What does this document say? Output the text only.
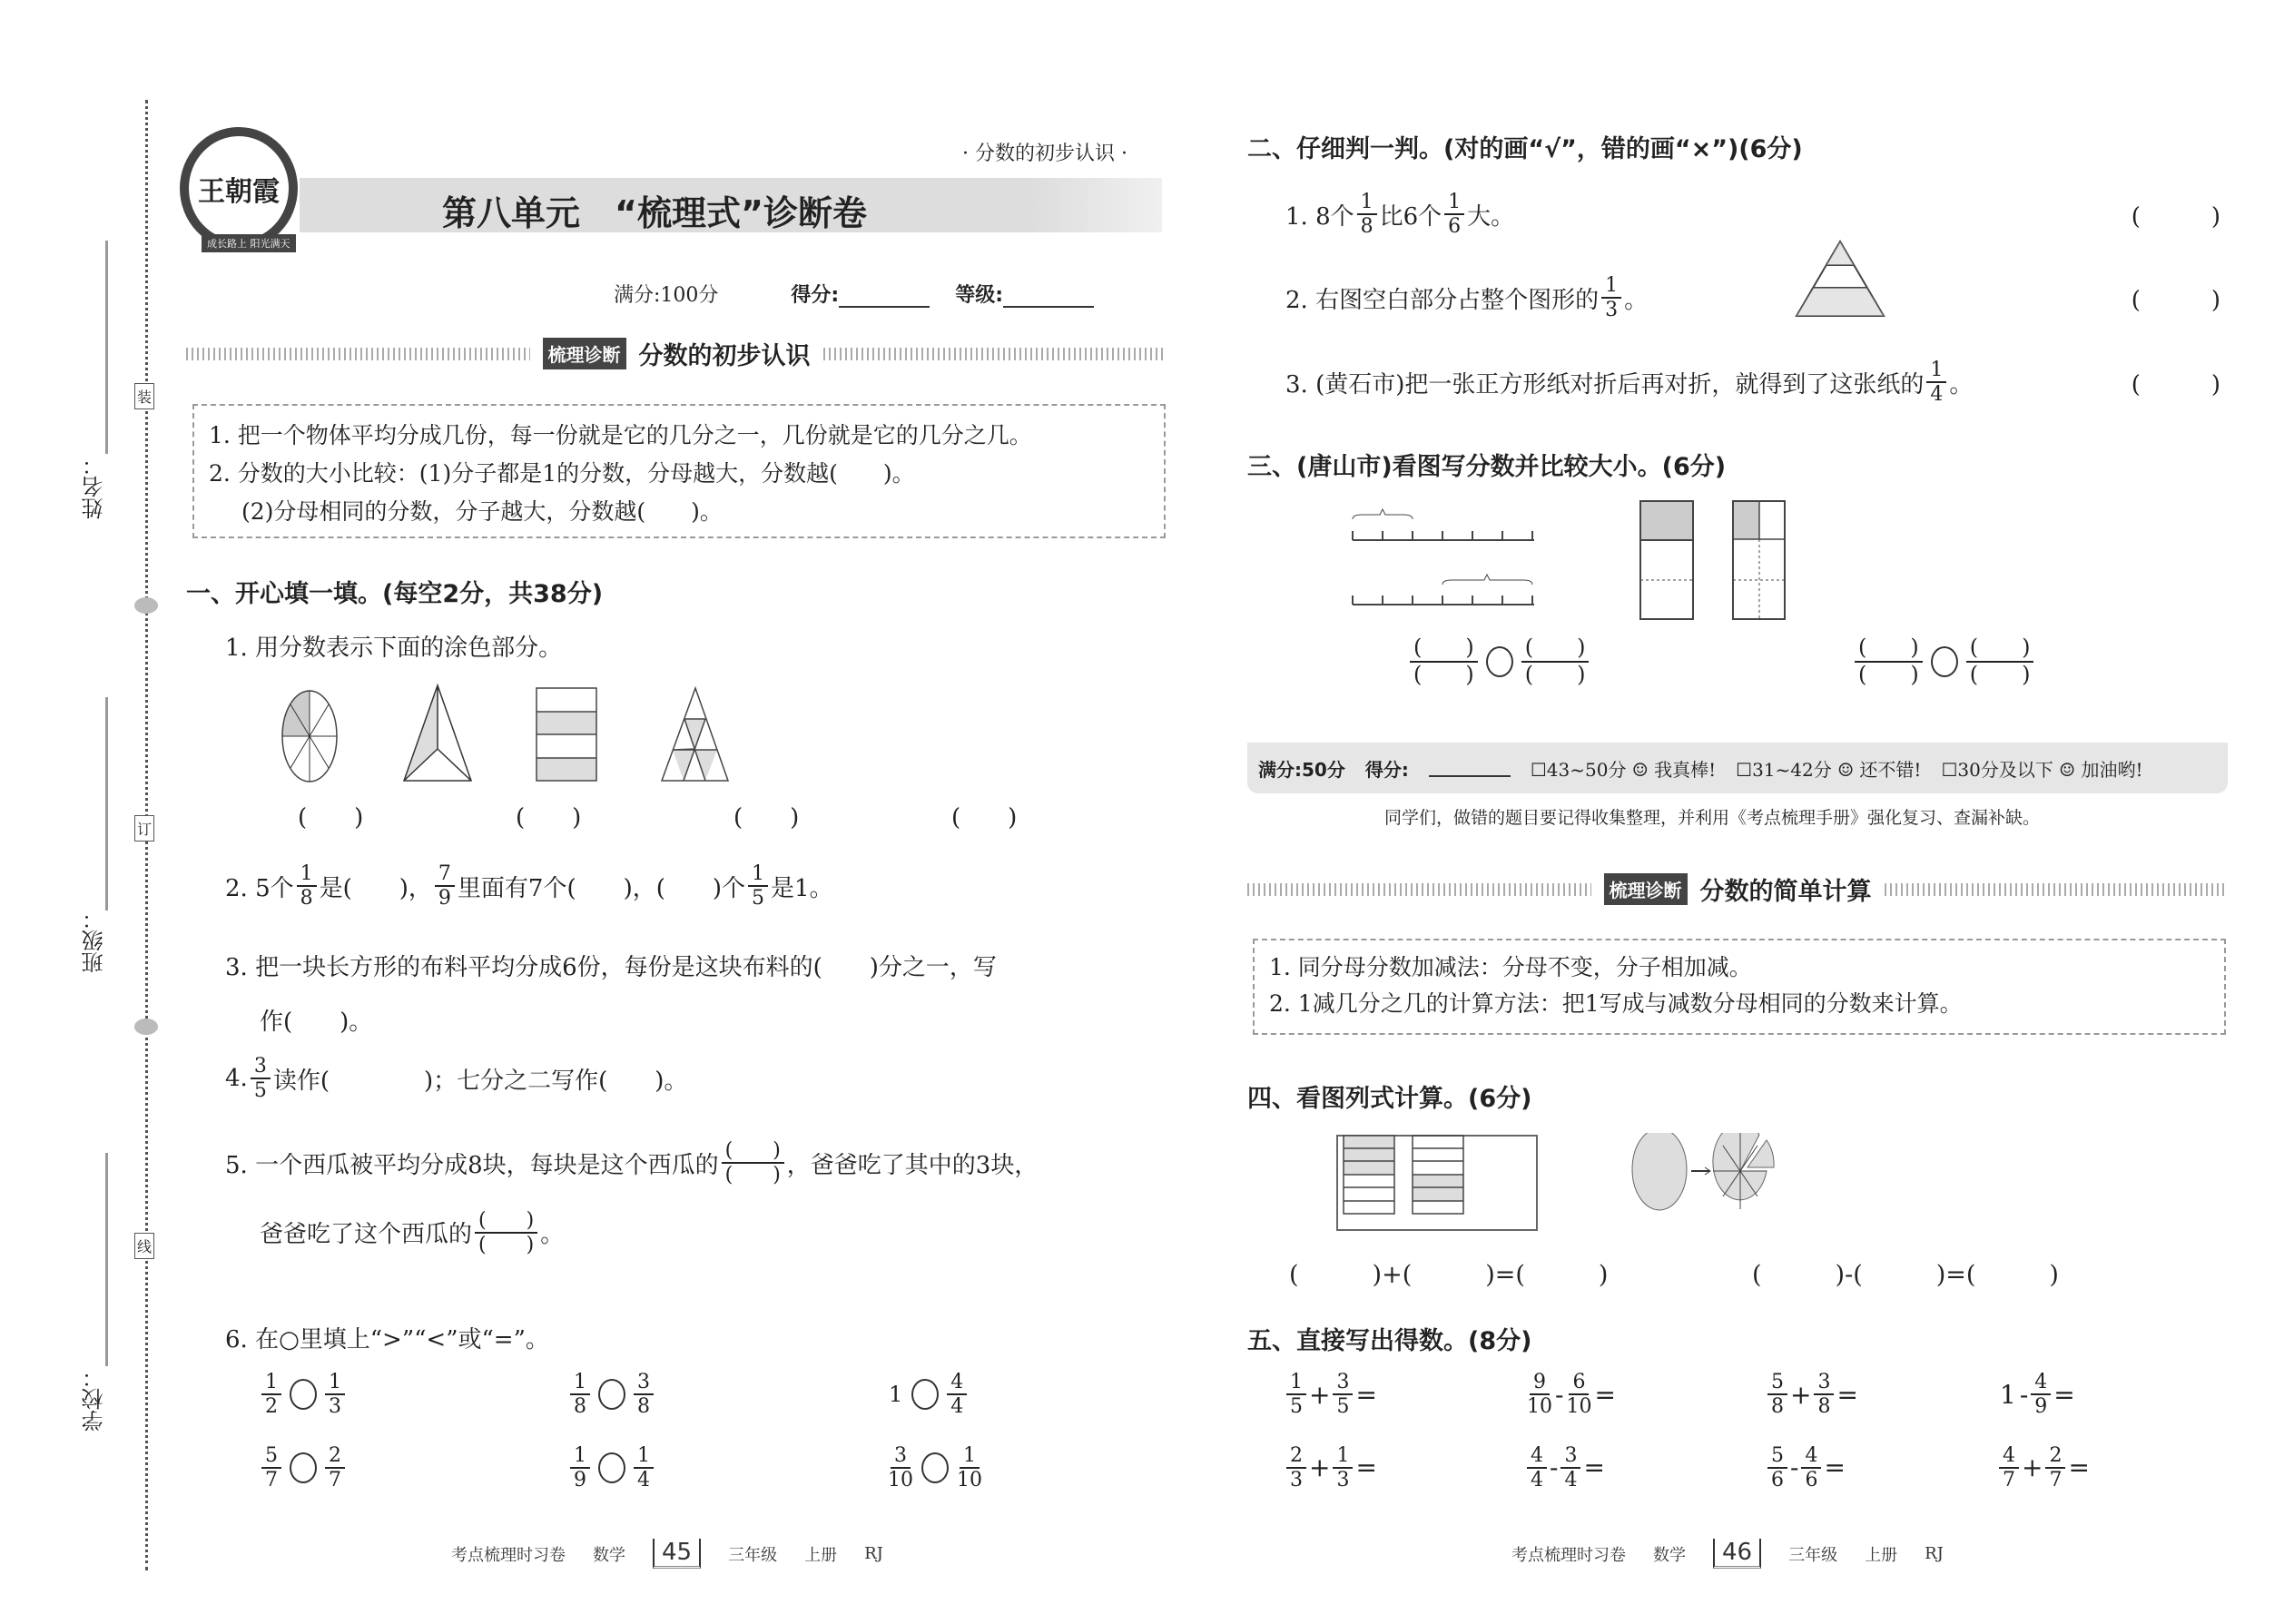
装
订
线
姓名：
班级：
学校：
王朝霞
成长路上 阳光满天
· 分数的初步认识 ·
第八单元　“梳理式”诊断卷
满分:100分	得分:	等级:
梳理诊断 分数的初步认识
1. 把一个物体平均分成几份，每一份就是它的几分之一，几份就是它的几分之几。
2. 分数的大小比较：(1)分子都是1的分数，分母越大，分数越(　　)。
(2)分母相同的分数，分子越大，分数越(　　)。
一、开心填一填。(每空2分，共38分)
1. 用分数表示下面的涂色部分。
(　　)	(　　)	(　　)	(　　)
2. 5个 $\frac{1}{8}$ 是(　　)， $\frac{7}{9}$ 里面有7个(　　)，(　　)个 $\frac{1}{5}$ 是1。
3. 把一块长方形的布料平均分成6份，每份是这块布料的(　　)分之一，写
作(　　)。
4. $\frac{3}{5}$ 读作(　　　　)；七分之二写作(　　)。
5. 一个西瓜被平均分成8块，每块是这个西瓜的 $\frac{( )}{( )}$ ，爸爸吃了其中的3块，
爸爸吃了这个西瓜的 $\frac{( )}{( )}$ 。
6. 在○里填上“>”“<”或“=”。
$\frac{1}{2} \frac{1}{3}$	$\frac{1}{8} \frac{3}{8}$	$1 \frac{4}{4}$
$\frac{5}{7} \frac{2}{7}$	$\frac{1}{9} \frac{1}{4}$	$\frac{3}{10} \frac{1}{10}$
考点梳理时习卷 数学	45	三年级 上册 RJ
二、仔细判一判。(对的画“√”，错的画“×”)(6分)
1. 8个 $\frac{1}{8}$ 比6个 $\frac{1}{6}$ 大。	(　　　)
2. 右图空白部分占整个图形的 $\frac{1}{3}$ 。	(　　　)
3. (黄石市)把一张正方形纸对折后再对折，就得到了这张纸的 $\frac{1}{4}$ 。	(　　　)
三、(唐山市)看图写分数并比较大小。(6分)
$\frac{( )}{( )} \frac{( )}{( )}$	$\frac{( )}{( )} \frac{( )}{( )}$
满分:50分 得分:	☐43~50分 ☺ 我真棒! ☐31~42分 ☺ 还不错! ☐30分及以下 ☺ 加油哟!
同学们，做错的题目要记得收集整理，并利用《考点梳理手册》强化复习、查漏补缺。
梳理诊断 分数的简单计算
1. 同分母分数加减法：分母不变，分子相加减。
2. 1减几分之几的计算方法：把1写成与减数分母相同的分数来计算。
四、看图列式计算。(6分)
(　　　)+(　　　)=(　　　)	(　　　)-(　　　)=(　　　)
五、直接写出得数。(8分)
$\frac{1}{5} + \frac{3}{5}$ =	$\frac{9}{10} - \frac{6}{10}$ =	$\frac{5}{8} + \frac{3}{8}$ =	$1 - \frac{4}{9}$ =
$\frac{2}{3} + \frac{1}{3}$ =	$\frac{4}{4} - \frac{3}{4}$ =	$\frac{5}{6} - \frac{4}{6}$ =	$\frac{4}{7} + \frac{2}{7}$ =
考点梳理时习卷 数学	46	三年级 上册 RJ
